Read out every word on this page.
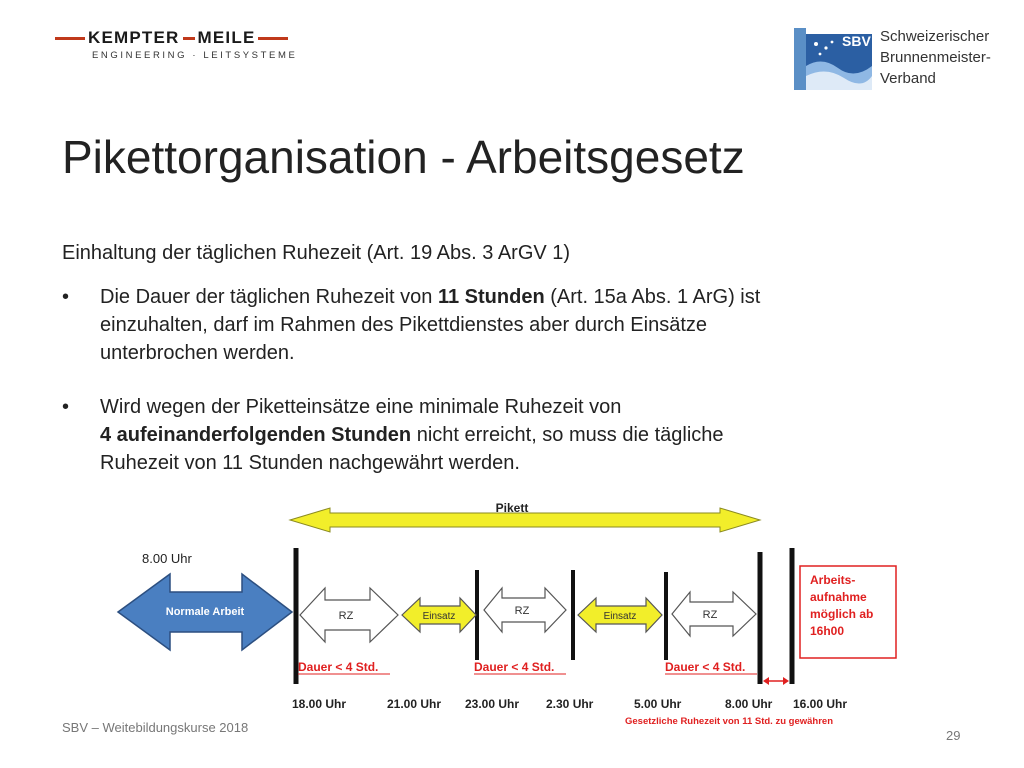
KEMPTER MEILE
ENGINEERING · LEITSYSTEME
SBV Schweizerischer
Brunnenmeister-
Verband
Pikettorganisation - Arbeitsgesetz
Einhaltung der täglichen Ruhezeit (Art. 19 Abs. 3 ArGV 1)
• Die Dauer der täglichen Ruhezeit von 11 Stunden (Art. 15a Abs. 1 ArG) ist
einzuhalten, darf im Rahmen des Pikettdienstes aber durch Einsätze
unterbrochen werden.
• Wird wegen der Piketteinsätze eine minimale Ruhezeit von
4 aufeinanderfolgenden Stunden nicht erreicht, so muss die tägliche
Ruhezeit von 11 Stunden nachgewährt werden.
Pikett
8.00 Uhr
Normale Arbeit	RZ	Einsatz	RZ	Einsatz	RZ
Dauer < 4 Std.	Dauer < 4 Std.	Dauer < 4 Std.
18.00 Uhr	21.00 Uhr 23.00 Uhr 2.30 Uhr	5.00 Uhr	8.00 Uhr 16.00 Uhr
Arbeits-
aufnahme
möglich ab
16h00
Gesetzliche Ruhezeit von 11 Std. zu gewähren
SBV – Weitebildungskurse 2018
29
